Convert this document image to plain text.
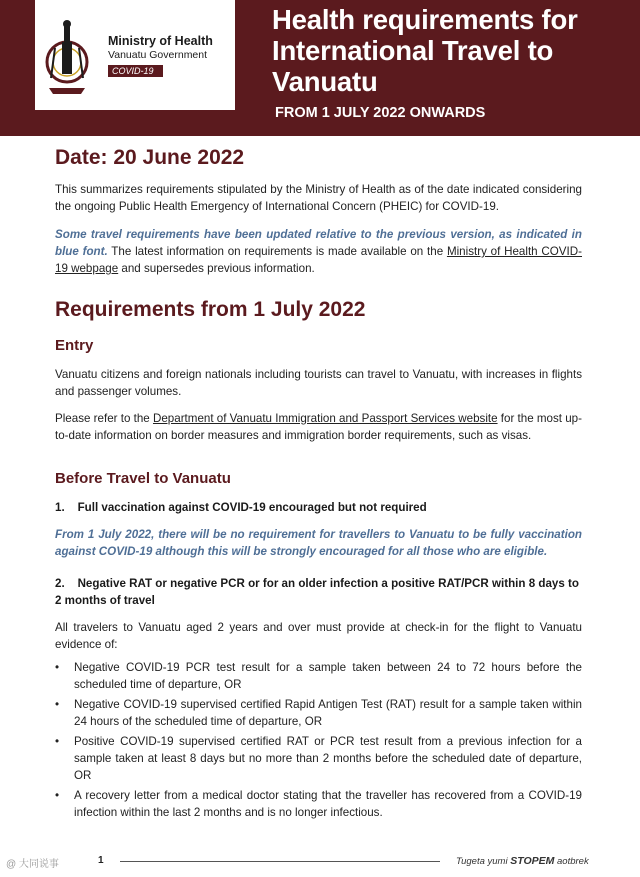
Ministry of Health
Vanuatu Government
COVID-19
Health requirements for International Travel to Vanuatu
FROM 1 JULY 2022 ONWARDS
Date: 20 June 2022

This summarizes requirements stipulated by the Ministry of Health as of the date indicated considering the ongoing Public Health Emergency of International Concern (PHEIC) for COVID-19.

Some travel requirements have been updated relative to the previous version, as indicated in blue font. The latest information on requirements is made available on the Ministry of Health COVID-19 webpage and supersedes previous information.

Requirements from 1 July 2022
Entry

Vanuatu citizens and foreign nationals including tourists can travel to Vanuatu, with increases in flights and passenger volumes.

Please refer to the Department of Vanuatu Immigration and Passport Services website for the most up-to-date information on border measures and immigration border requirements, such as visas.

Before Travel to Vanuatu
1. Full vaccination against COVID-19 encouraged but not required

From 1 July 2022, there will be no requirement for travellers to Vanuatu to be fully vaccination against COVID-19 although this will be strongly encouraged for all those who are eligible.

2. Negative RAT or negative PCR or for an older infection a positive RAT/PCR within 8 days to 2 months of travel

All travelers to Vanuatu aged 2 years and over must provide at check-in for the flight to Vanuatu evidence of:

• Negative COVID-19 PCR test result for a sample taken between 24 to 72 hours before the scheduled time of departure, OR
• Negative COVID-19 supervised certified Rapid Antigen Test (RAT) result for a sample taken within 24 hours of the scheduled time of departure, OR
• Positive COVID-19 supervised certified RAT or PCR test result from a previous infection for a sample taken at least 8 days but no more than 2 months before the scheduled date of departure, OR
• A recovery letter from a medical doctor stating that the traveller has recovered from a COVID-19 infection within the last 2 months and is no longer infectious.
@ 大同说事	1	Tugeta yumi STOPEM aotbrek
